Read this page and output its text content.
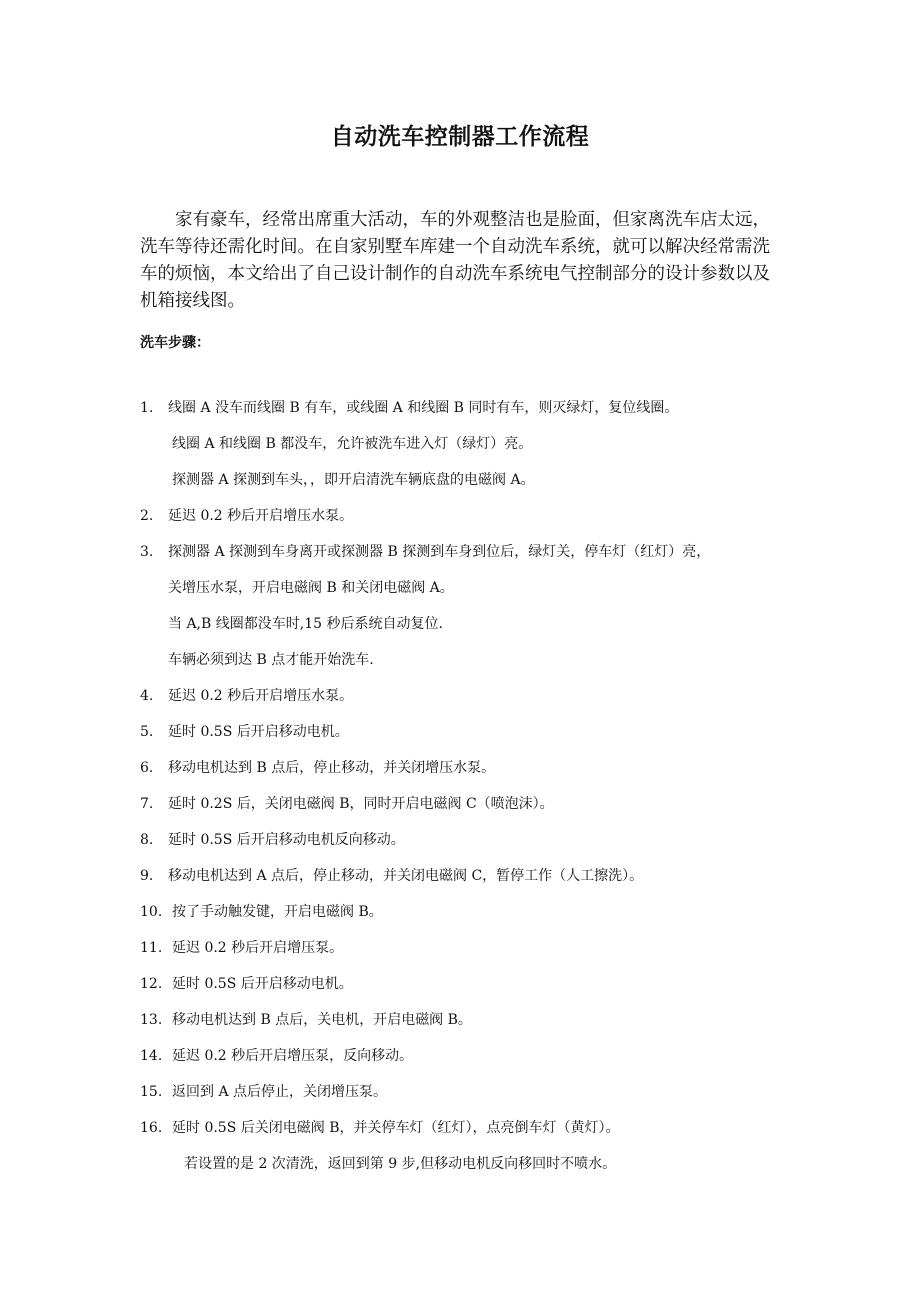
自动洗车控制器工作流程

家有豪车，经常出席重大活动，车的外观整洁也是脸面，但家离洗车店太远，洗车等待还需化时间。在自家别墅车库建一个自动洗车系统，就可以解决经常需洗车的烦恼，本文给出了自己设计制作的自动洗车系统电气控制部分的设计参数以及机箱接线图。

洗车步骤：

1. 线圈 A 没车而线圈 B 有车，或线圈 A 和线圈 B 同时有车，则灭绿灯，复位线圈。

线圈 A 和线圈 B 都没车，允许被洗车进入灯（绿灯）亮。

探测器 A 探测到车头，，即开启清洗车辆底盘的电磁阀 A。

2. 延迟 0.2 秒后开启增压水泵。

3. 探测器 A 探测到车身离开或探测器 B 探测到车身到位后，绿灯关，停车灯（红灯）亮，

关增压水泵，开启电磁阀 B 和关闭电磁阀 A。

当 A,B 线圈都没车时,15 秒后系统自动复位.

车辆必须到达 B 点才能开始洗车.

4. 延迟 0.2 秒后开启增压水泵。

5. 延时 0.5S 后开启移动电机。

6. 移动电机达到 B 点后，停止移动，并关闭增压水泵。

7. 延时 0.2S 后，关闭电磁阀 B，同时开启电磁阀 C（喷泡沫）。

8. 延时 0.5S 后开启移动电机反向移动。

9. 移动电机达到 A 点后，停止移动，并关闭电磁阀 C，暂停工作（人工擦洗）。

10. 按了手动触发键，开启电磁阀 B。

11. 延迟 0.2 秒后开启增压泵。

12. 延时 0.5S 后开启移动电机。

13. 移动电机达到 B 点后，关电机，开启电磁阀 B。

14. 延迟 0.2 秒后开启增压泵，反向移动。

15. 返回到 A 点后停止，关闭增压泵。

16. 延时 0.5S 后关闭电磁阀 B，并关停车灯（红灯），点亮倒车灯（黄灯）。

若设置的是 2 次清洗，返回到第 9 步,但移动电机反向移回时不喷水。
